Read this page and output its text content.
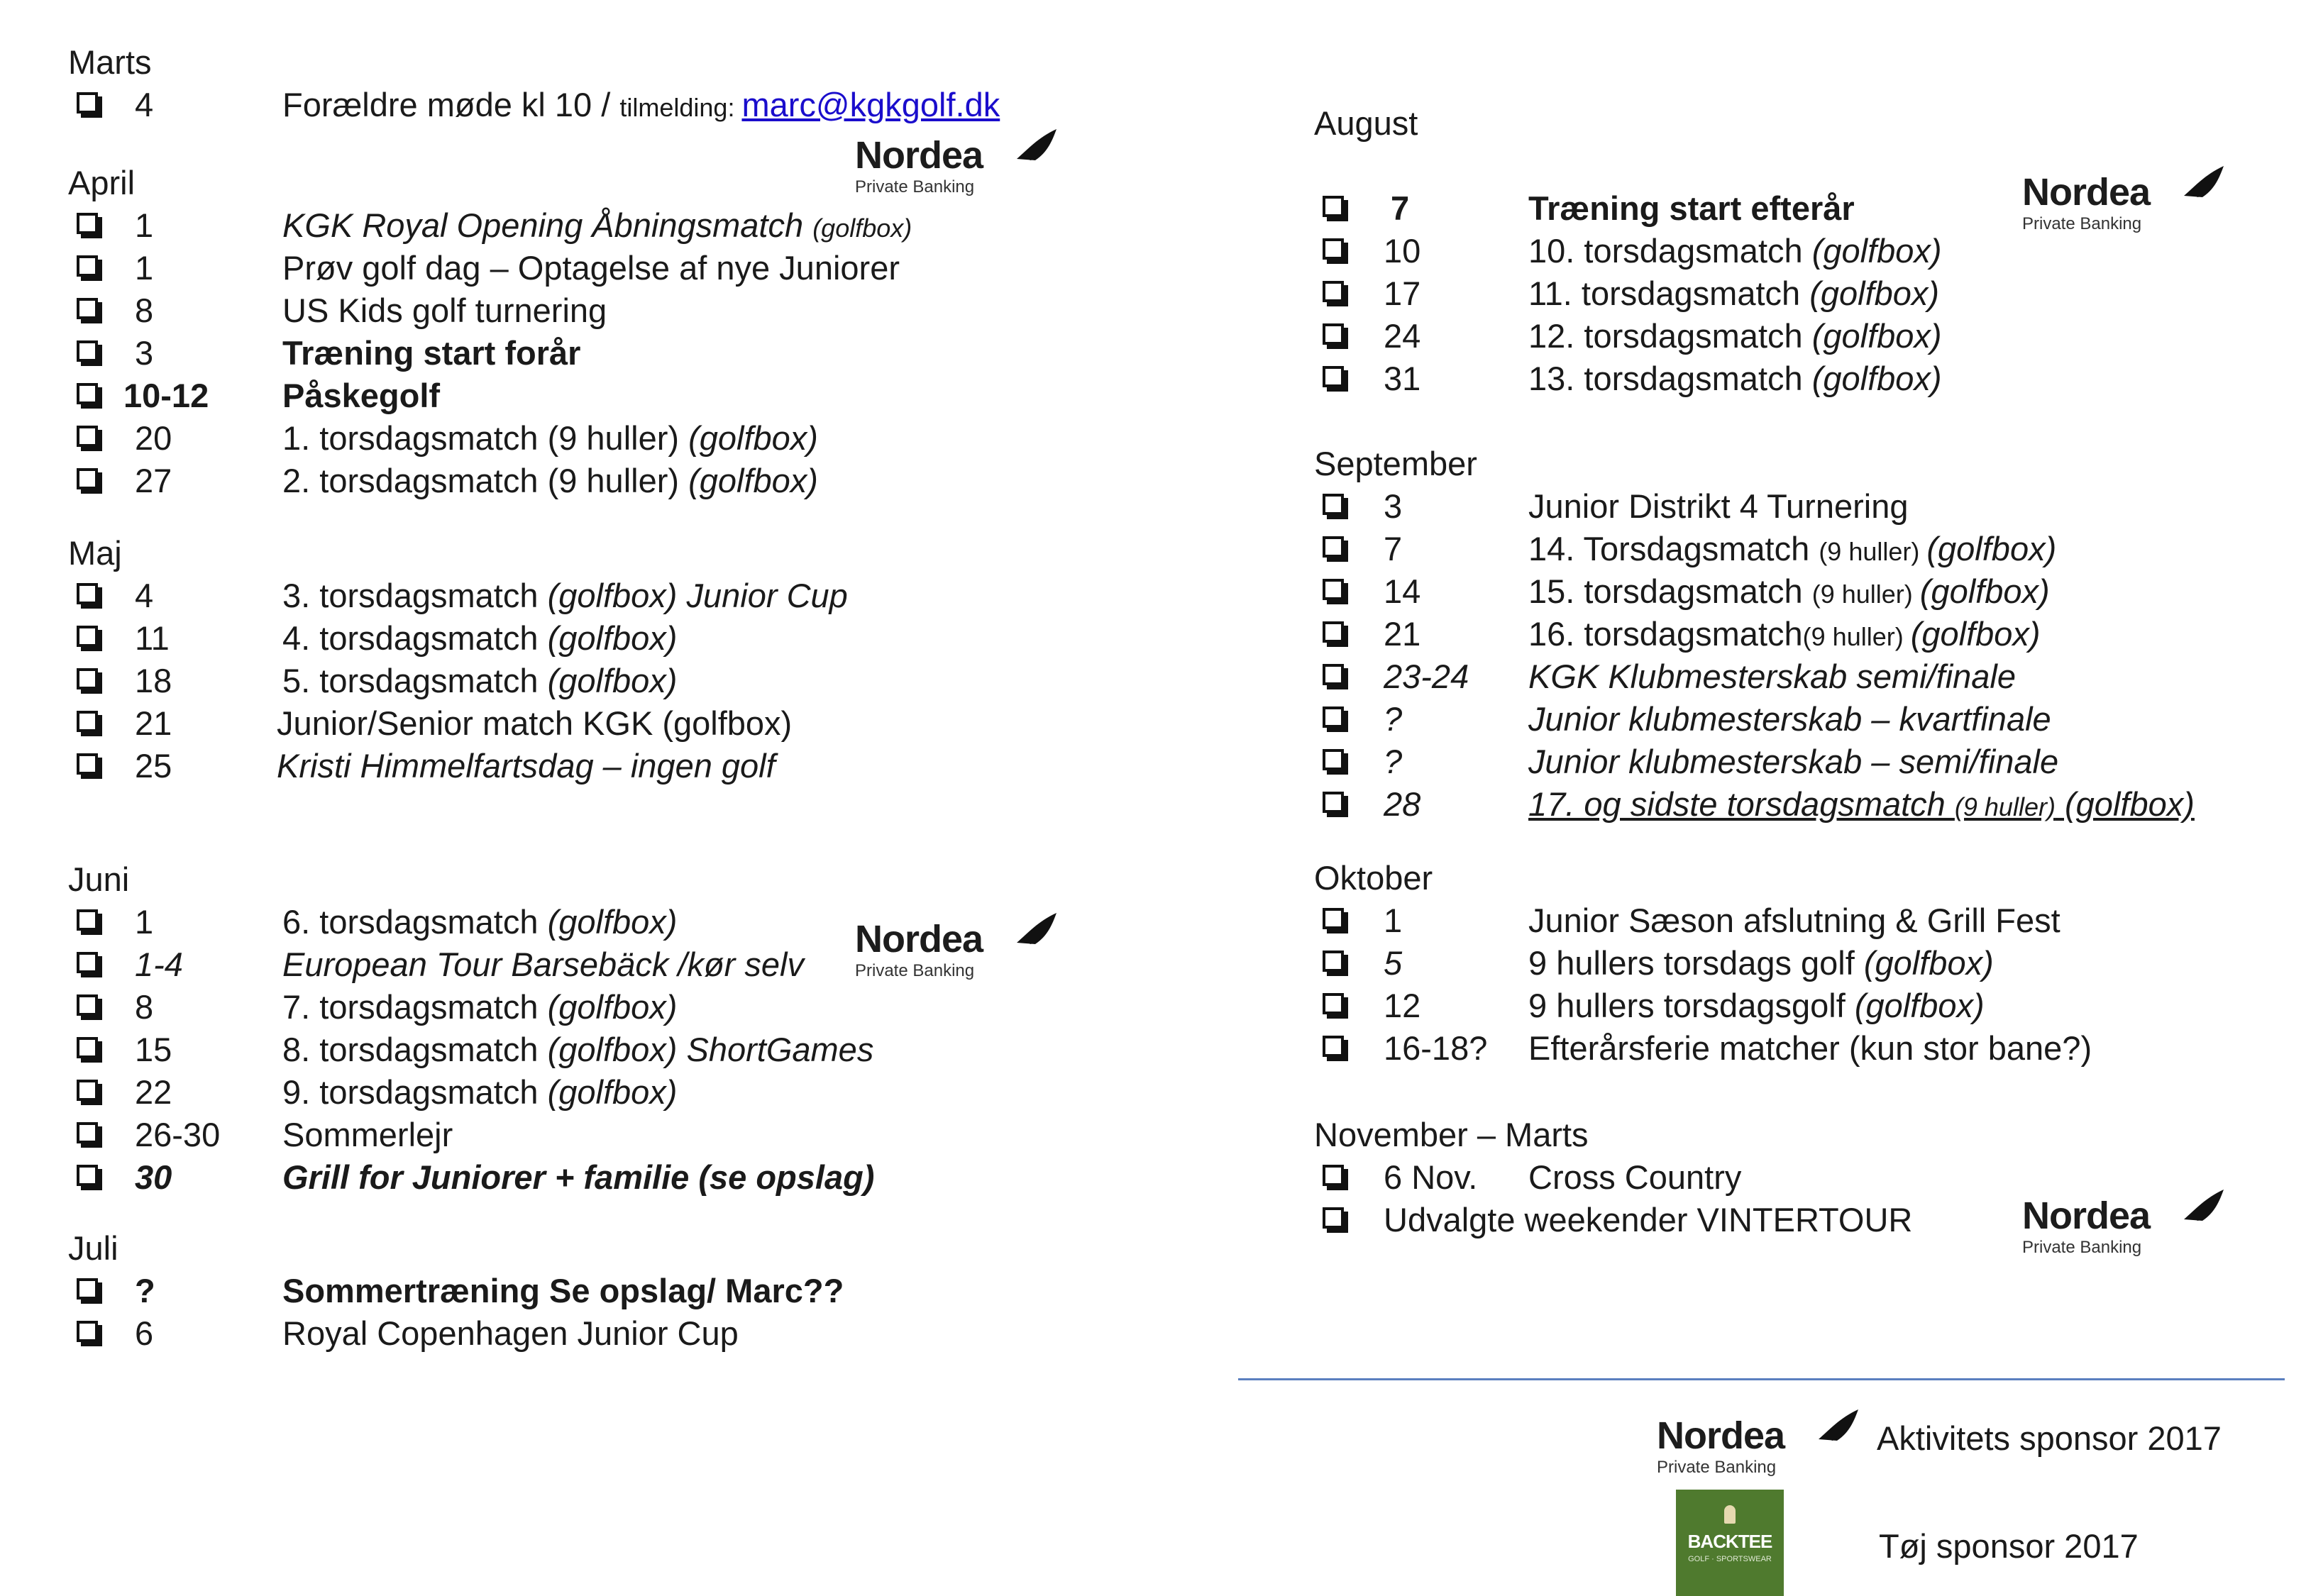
Marts
4	Forældre møde kl 10 / tilmelding: marc@kgkgolf.dk
April
1	KGK Royal Opening Åbningsmatch (golfbox)
1	Prøv golf dag – Optagelse af nye Juniorer
8	US Kids golf turnering
3	Træning start forår
10-12 Påskegolf
20	1. torsdagsmatch (9 huller) (golfbox)
27	2. torsdagsmatch (9 huller) (golfbox)
Maj
4	3. torsdagsmatch (golfbox) Junior Cup
11	4. torsdagsmatch (golfbox)
18	5. torsdagsmatch (golfbox)
21	Junior/Senior match KGK (golfbox)
25	Kristi Himmelfartsdag – ingen golf
Juni
1	6. torsdagsmatch (golfbox)
1-4	European Tour Barsebäck /kør selv
8	7. torsdagsmatch (golfbox)
15	8. torsdagsmatch (golfbox) ShortGames
22	9. torsdagsmatch (golfbox)
26-30 Sommerlejr
30	Grill for Juniorer + familie (se opslag)
Juli
?	Sommertræning Se opslag/ Marc??
6	Royal Copenhagen Junior Cup
August
7	Træning start efterår
10	10. torsdagsmatch (golfbox)
17	11. torsdagsmatch (golfbox)
24	12. torsdagsmatch (golfbox)
31	13. torsdagsmatch (golfbox)
September
3	Junior Distrikt 4 Turnering
7	14. Torsdagsmatch (9 huller) (golfbox)
14	15. torsdagsmatch (9 huller) (golfbox)
21	16. torsdagsmatch(9 huller) (golfbox)
23-24 KGK Klubmesterskab semi/finale
?	Junior klubmesterskab – kvartfinale
?	Junior klubmesterskab – semi/finale
28	17. og sidste torsdagsmatch (9 huller) (golfbox)
Oktober
1	Junior Sæson afslutning & Grill Fest
5	9 hullers torsdags golf (golfbox)
12	9 hullers torsdagsgolf (golfbox)
16-18? Efterårsferie matcher (kun stor bane?)
November – Marts
6 Nov. Cross Country
Udvalgte weekender VINTERTOUR
Nordea
Private Banking
Nordea
Private Banking
Nordea
Private Banking
Nordea
Private Banking
Nordea
Private Banking
Aktivitets sponsor 2017
BACKTEE
GOLF · SPORTSWEAR	Tøj sponsor 2017
